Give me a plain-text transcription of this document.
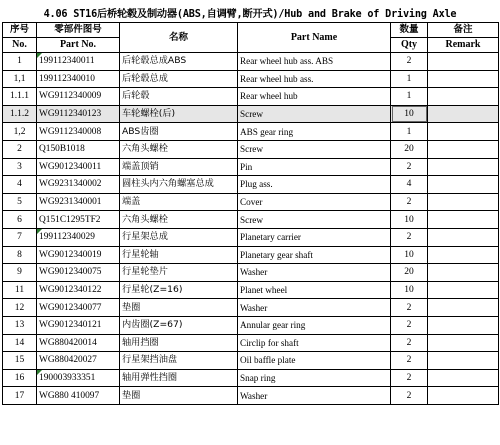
4.06 ST16后桥轮毂及制动器(ABS,自调臂,断开式)/Hub and Brake of Driving Axle
序号	零部件图号	名称	Part Name	数量	备注
No.	Part No.			Qty	Remark
1	199112340011	后轮毂总成ABS	Rear wheel hub ass. ABS	2	
1,1	199112340010	后轮毂总成	Rear wheel hub ass.	1	
1.1.1	WG9112340009	后轮毂	Rear wheel hub	1	
1.1.2	WG9112340123	车轮螺栓(后)	Screw	10	
1,2	WG9112340008	ABS齿圈	ABS gear ring	1	
2	Q150B1018	六角头螺栓	Screw	20	
3	WG9012340011	端盖顶销	Pin	2	
4	WG9231340002	圆柱头内六角螺塞总成	Plug ass.	4	
5	WG9231340001	端盖	Cover	2	
6	Q151C1295TF2	六角头螺栓	Screw	10	
7	199112340029	行星架总成	Planetary carrier	2	
8	WG9012340019	行星轮轴	Planetary gear shaft	10	
9	WG9012340075	行星轮垫片	Washer	20	
11	WG9012340122	行星轮(Z=16)	Planet wheel	10	
12	WG9012340077	垫圈	Washer	2	
13	WG9012340121	内齿圈(Z=67)	Annular gear ring	2	
14	WG880420014	轴用挡圈	Circlip for shaft	2	
15	WG880420027	行星架挡油盘	Oil baffle plate	2	
16	190003933351	轴用弹性挡圈	Snap ring	2	
17	WG880 410097	垫圈	Washer	2	
